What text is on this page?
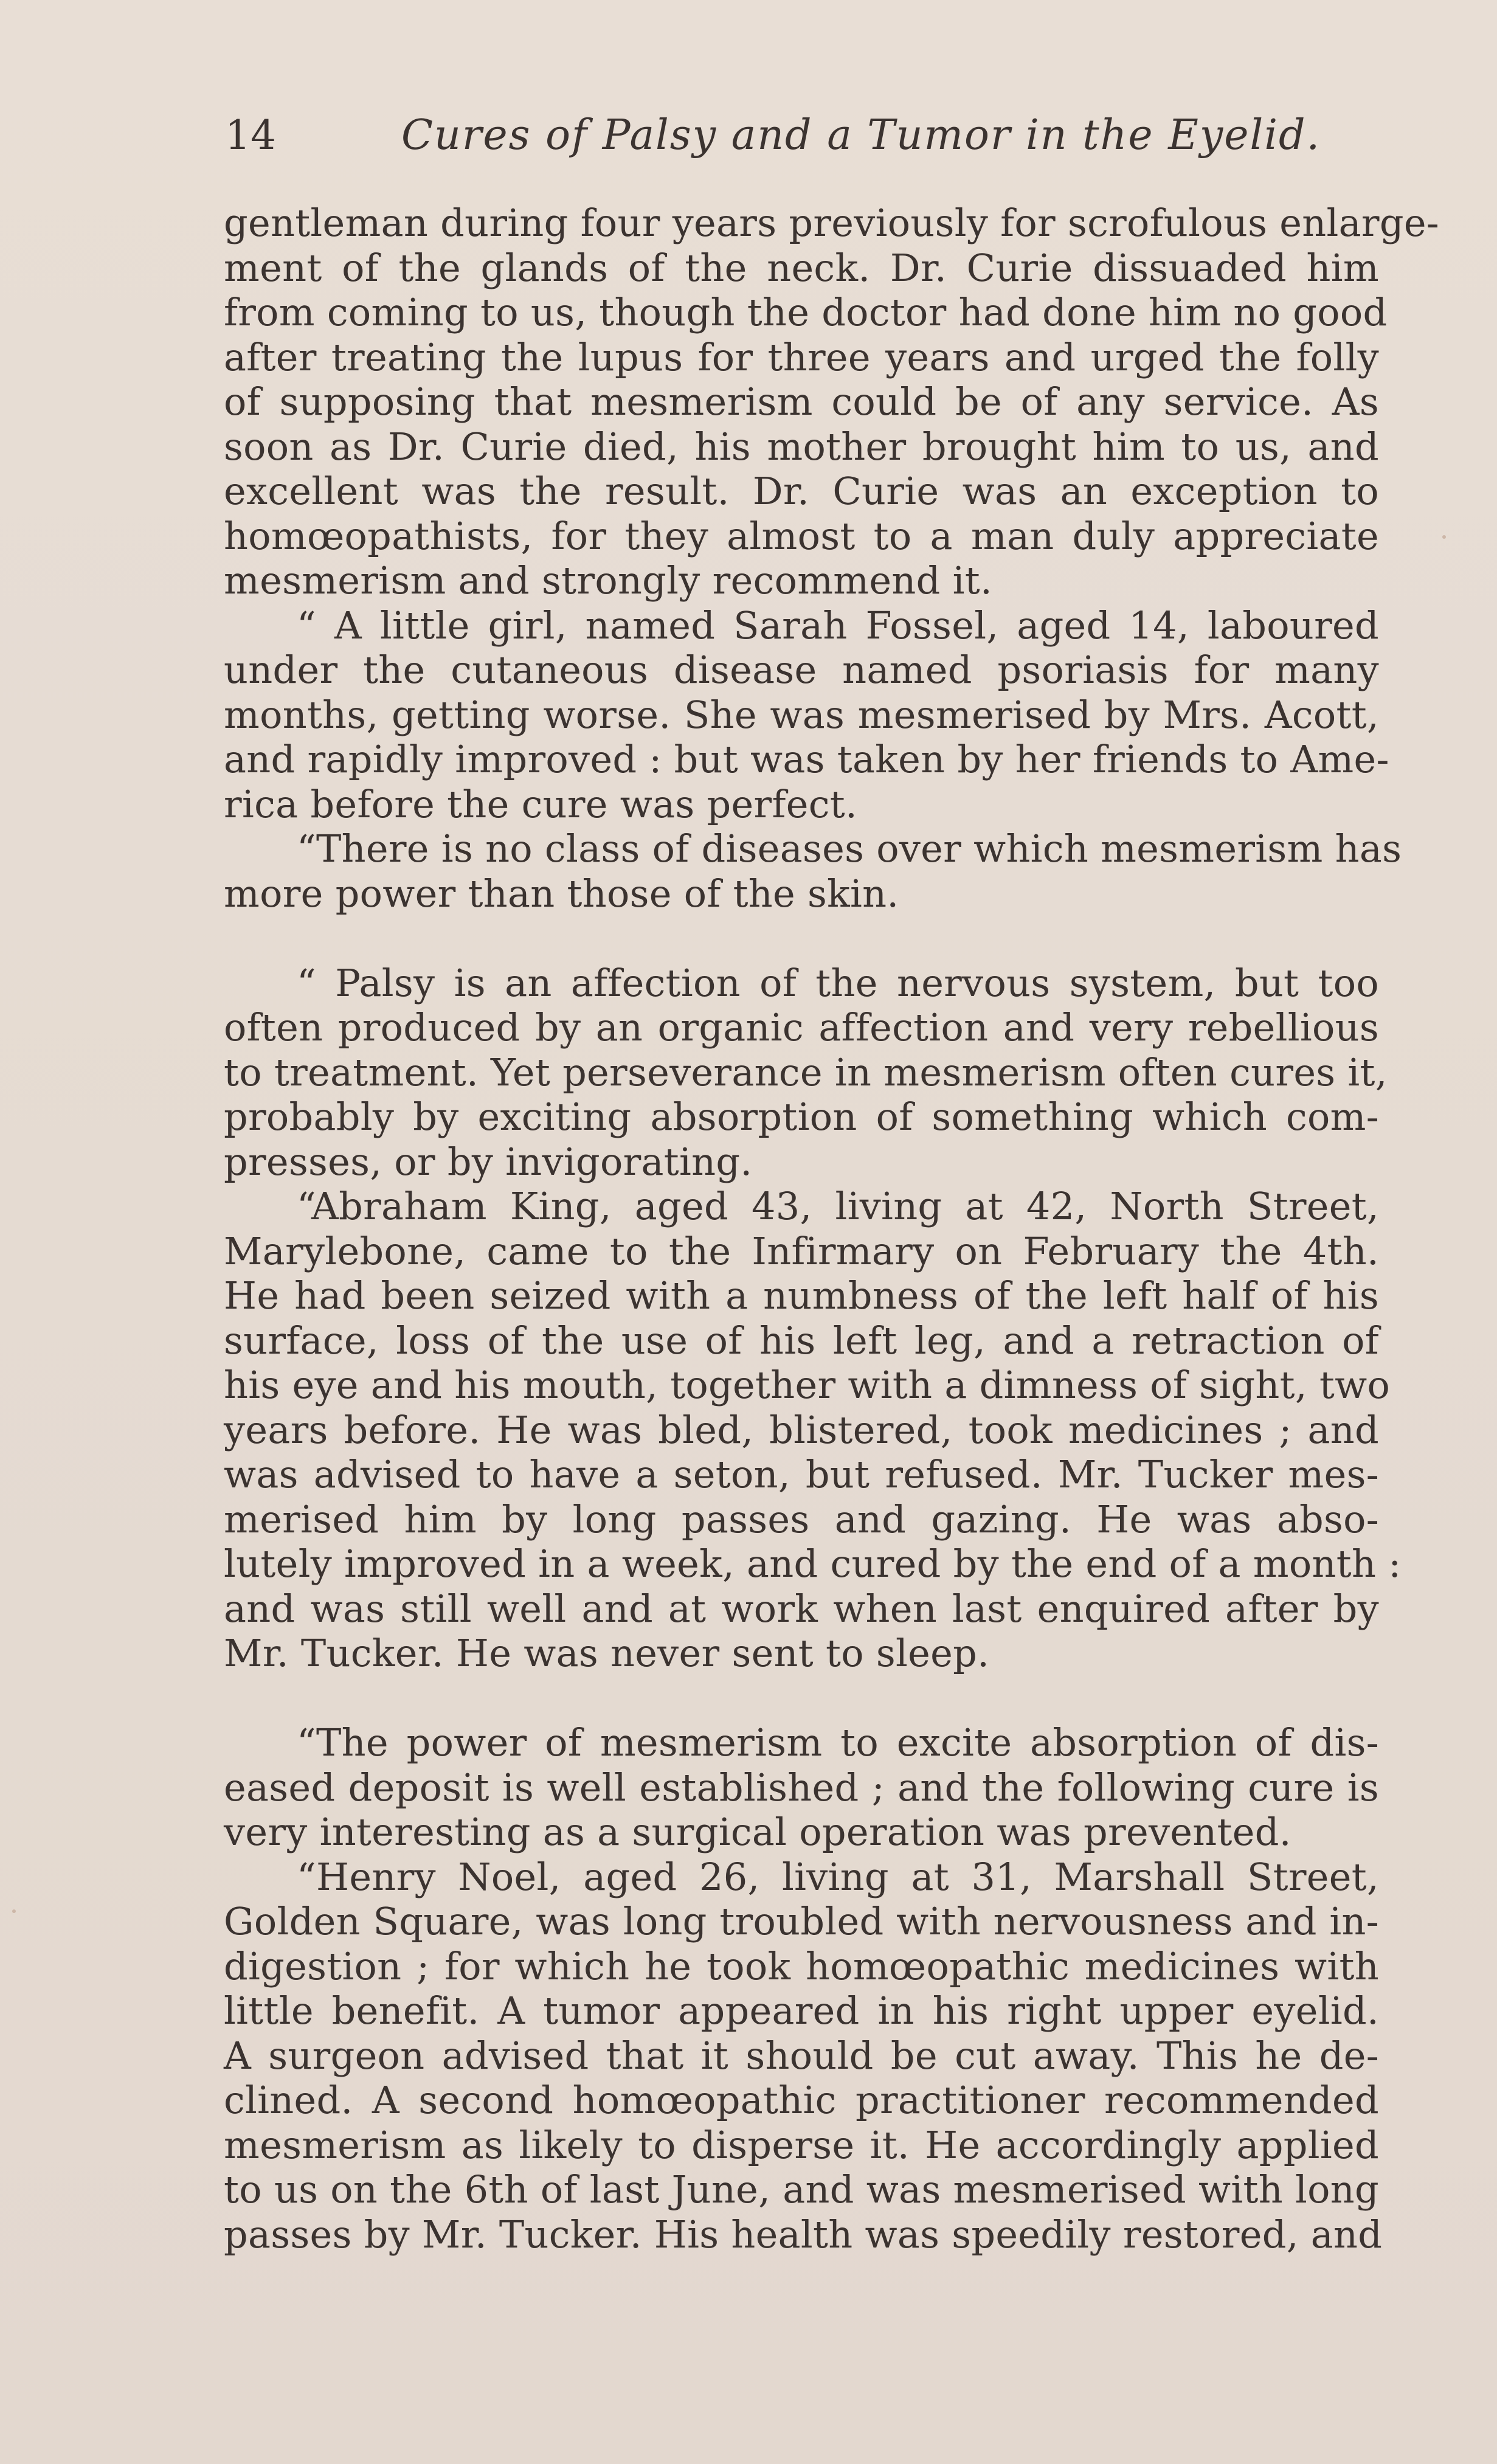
14	Cures of Palsy and a Tumor in the Eyelid.
gentleman during four years previously for scrofulous enlarge-
ment of the glands of the neck. Dr. Curie dissuaded him
from coming to us, though the doctor had done him no good
after treating the lupus for three years and urged the folly
of supposing that mesmerism could be of any service. As
soon as Dr. Curie died, his mother brought him to us, and
excellent was the result. Dr. Curie was an exception to
homœopathists, for they almost to a man duly appreciate
mesmerism and strongly recommend it.
“ A little girl, named Sarah Fossel, aged 14, laboured
under the cutaneous disease named psoriasis for many
months, getting worse. She was mesmerised by Mrs. Acott,
and rapidly improved : but was taken by her friends to Ame-
rica before the cure was perfect.
“There is no class of diseases over which mesmerism has
more power than those of the skin.
“ Palsy is an affection of the nervous system, but too
often produced by an organic affection and very rebellious
to treatment. Yet perseverance in mesmerism often cures it,
probably by exciting absorption of something which com-
presses, or by invigorating.
“Abraham King, aged 43, living at 42, North Street,
Marylebone, came to the Infirmary on February the 4th.
He had been seized with a numbness of the left half of his
surface, loss of the use of his left leg, and a retraction of
his eye and his mouth, together with a dimness of sight, two
years before. He was bled, blistered, took medicines ; and
was advised to have a seton, but refused. Mr. Tucker mes-
merised him by long passes and gazing. He was abso-
lutely improved in a week, and cured by the end of a month :
and was still well and at work when last enquired after by
Mr. Tucker. He was never sent to sleep.
“The power of mesmerism to excite absorption of dis-
eased deposit is well established ; and the following cure is
very interesting as a surgical operation was prevented.
“Henry Noel, aged 26, living at 31, Marshall Street,
Golden Square, was long troubled with nervousness and in-
digestion ; for which he took homœopathic medicines with
little benefit. A tumor appeared in his right upper eyelid.
A surgeon advised that it should be cut away. This he de-
clined. A second homœopathic practitioner recommended
mesmerism as likely to disperse it. He accordingly applied
to us on the 6th of last June, and was mesmerised with long
passes by Mr. Tucker. His health was speedily restored, and
